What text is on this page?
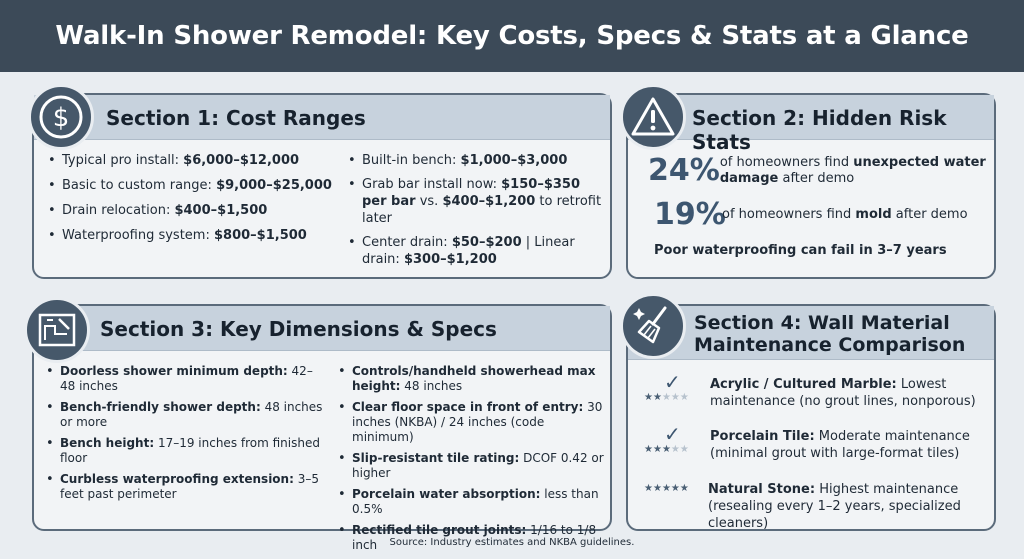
Walk-In Shower Remodel: Key Costs, Specs & Stats at a Glance
Section 1: Cost Ranges
• Typical pro install: $6,000–$12,000
• Basic to custom range: $9,000–$25,000
• Drain relocation: $400–$1,500
• Waterproofing system: $800–$1,500
• Built-in bench: $1,000–$3,000
• Grab bar install now: $150–$350 per bar vs. $400–$1,200 to retrofit later
• Center drain: $50–$200 | Linear drain: $300–$1,200
$	Section 2: Hidden Risk Stats
24% of homeowners find unexpected water damage after demo
19%
of homeowners find mold after demo
Poor waterproofing can fail in 3–7 years
Section 3: Key Dimensions & Specs
• Doorless shower minimum depth: 42–48 inches
• Bench-friendly shower depth: 48 inches or more
• Bench height: 17–19 inches from finished floor
• Curbless waterproofing extension: 3–5 feet past perimeter
• Controls/handheld showerhead max height: 48 inches
• Clear floor space in front of entry: 30 inches (NKBA) / 24 inches (code minimum)
• Slip-resistant tile rating: DCOF 0.42 or higher
• Porcelain water absorption: less than 0.5%
• Rectified tile grout joints: 1/16 to 1/8 inch
Section 4: Wall Material Maintenance Comparison
✓
★★★★★
Acrylic / Cultured Marble: Lowest maintenance (no grout lines, nonporous)
✓
★★★★★
Porcelain Tile: Moderate maintenance (minimal grout with large-format tiles)
★★★★★ Natural Stone: Highest maintenance (resealing every 1–2 years, specialized cleaners)
Source: Industry estimates and NKBA guidelines.
